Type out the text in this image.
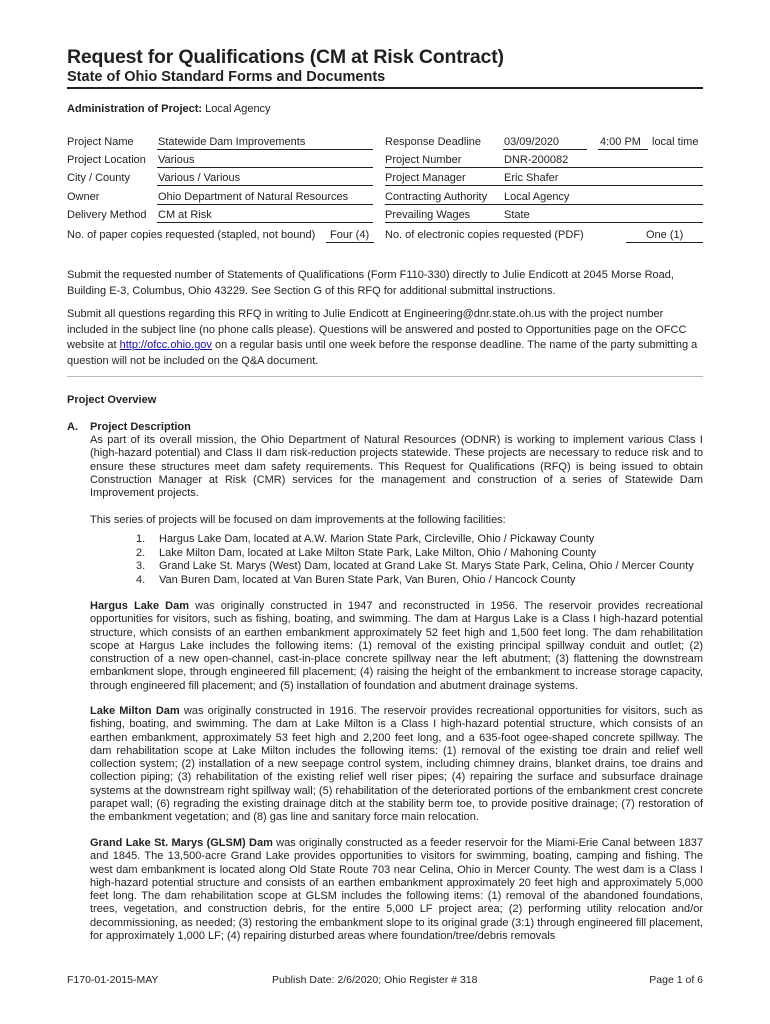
Request for Qualifications (CM at Risk Contract)
State of Ohio Standard Forms and Documents
Administration of Project: Local Agency
Project Name Statewide Dam Improvements
Project Location Various
City / County	Various / Various
Owner	Ohio Department of Natural Resources
Delivery Method CM at Risk
No. of paper copies requested (stapled, not bound) Four (4)
Response Deadline 03/09/2020	4:00 PM local time
Project Number	DNR-200082
Project Manager	Eric Shafer
Contracting Authority Local Agency
Prevailing Wages	State
No. of electronic copies requested (PDF)	One (1)
Submit the requested number of Statements of Qualifications (Form F110-330) directly to Julie Endicott at 2045 Morse Road, Building E-3, Columbus, Ohio 43229. See Section G of this RFQ for additional submittal instructions.
Submit all questions regarding this RFQ in writing to Julie Endicott at Engineering@dnr.state.oh.us with the project number included in the subject line (no phone calls please). Questions will be answered and posted to Opportunities page on the OFCC website at http://ofcc.ohio.gov on a regular basis until one week before the response deadline. The name of the party submitting a question will not be included on the Q&A document.
Project Overview
A. Project Description
As part of its overall mission, the Ohio Department of Natural Resources (ODNR) is working to implement various Class I (high-hazard potential) and Class II dam risk-reduction projects statewide. These projects are necessary to reduce risk and to ensure these structures meet dam safety requirements. This Request for Qualifications (RFQ) is being issued to obtain Construction Manager at Risk (CMR) services for the management and construction of a series of Statewide Dam Improvement projects.
This series of projects will be focused on dam improvements at the following facilities:
1. Hargus Lake Dam, located at A.W. Marion State Park, Circleville, Ohio / Pickaway County
2. Lake Milton Dam, located at Lake Milton State Park, Lake Milton, Ohio / Mahoning County
3. Grand Lake St. Marys (West) Dam, located at Grand Lake St. Marys State Park, Celina, Ohio / Mercer County
4. Van Buren Dam, located at Van Buren State Park, Van Buren, Ohio / Hancock County
Hargus Lake Dam was originally constructed in 1947 and reconstructed in 1956. The reservoir provides recreational opportunities for visitors, such as fishing, boating, and swimming. The dam at Hargus Lake is a Class I high-hazard potential structure, which consists of an earthen embankment approximately 52 feet high and 1,500 feet long. The dam rehabilitation scope at Hargus Lake includes the following items: (1) removal of the existing principal spillway conduit and outlet; (2) construction of a new open-channel, cast-in-place concrete spillway near the left abutment; (3) flattening the downstream embankment slope, through engineered fill placement; (4) raising the height of the embankment to increase storage capacity, through engineered fill placement; and (5) installation of foundation and abutment drainage systems.
Lake Milton Dam was originally constructed in 1916. The reservoir provides recreational opportunities for visitors, such as fishing, boating, and swimming. The dam at Lake Milton is a Class I high-hazard potential structure, which consists of an earthen embankment, approximately 53 feet high and 2,200 feet long, and a 635-foot ogee-shaped concrete spillway. The dam rehabilitation scope at Lake Milton includes the following items: (1) removal of the existing toe drain and relief well collection system; (2) installation of a new seepage control system, including chimney drains, blanket drains, toe drains and collection piping; (3) rehabilitation of the existing relief well riser pipes; (4) repairing the surface and subsurface drainage systems at the downstream right spillway wall; (5) rehabilitation of the deteriorated portions of the embankment crest concrete parapet wall; (6) regrading the existing drainage ditch at the stability berm toe, to provide positive drainage; (7) restoration of the embankment vegetation; and (8) gas line and sanitary force main relocation.
Grand Lake St. Marys (GLSM) Dam was originally constructed as a feeder reservoir for the Miami-Erie Canal between 1837 and 1845. The 13,500-acre Grand Lake provides opportunities to visitors for swimming, boating, camping and fishing. The west dam embankment is located along Old State Route 703 near Celina, Ohio in Mercer County. The west dam is a Class I high-hazard potential structure and consists of an earthen embankment approximately 20 feet high and approximately 5,000 feet long. The dam rehabilitation scope at GLSM includes the following items: (1) removal of the abandoned foundations, trees, vegetation, and construction debris, for the entire 5,000 LF project area; (2) performing utility relocation and/or decommissioning, as needed; (3) restoring the embankment slope to its original grade (3:1) through engineered fill placement, for approximately 1,000 LF; (4) repairing disturbed areas where foundation/tree/debris removals
F170-01-2015-MAY	Publish Date: 2/6/2020; Ohio Register # 318	Page 1 of 6
